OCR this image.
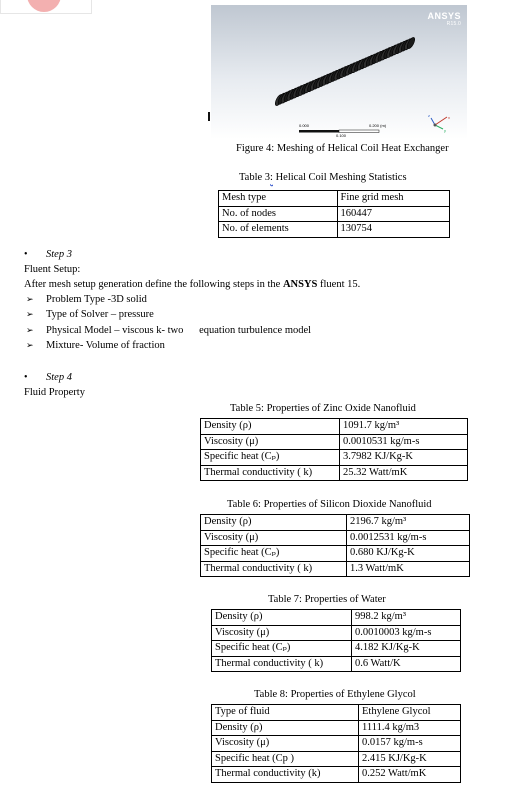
ANSYS
R15.0
0.000
0.100
0.200 (m)
x
y
z
Figure 4: Meshing of Helical Coil Heat Exchanger
Table 3: Helical Coil Meshing Statistics
Mesh type	Fine grid mesh
No. of nodes	160447
No. of elements	130754
• Step 3
Fluent Setup:
After mesh setup generation define the following steps in the ANSYS fluent 15.
➢ Problem Type -3D solid
➢ Type of Solver – pressure
➢ Physical Model – viscous k- two      equation turbulence model
➢ Mixture- Volume of fraction
• Step 4
Fluid Property
Table 5: Properties of Zinc Oxide Nanofluid
Density (ρ)	1091.7 kg/m³
Viscosity (μ)	0.0010531 kg/m-s
Specific heat (Cₚ)	3.7982 KJ/Kg-K
Thermal conductivity ( k)	25.32 Watt/mK
Table 6: Properties of Silicon Dioxide Nanofluid
Density (ρ)	2196.7 kg/m³
Viscosity (μ)	0.0012531 kg/m-s
Specific heat (Cₚ)	0.680 KJ/Kg-K
Thermal conductivity ( k)	1.3 Watt/mK
Table 7: Properties of Water
Density (ρ)	998.2 kg/m³
Viscosity (μ)	0.0010003 kg/m-s
Specific heat (Cₚ)	4.182 KJ/Kg-K
Thermal conductivity ( k)	0.6 Watt/K
Table 8: Properties of Ethylene Glycol
Type of fluid	Ethylene Glycol
Density (ρ)	1111.4 kg/m3
Viscosity (μ)	0.0157 kg/m-s
Specific heat (Cp )	2.415 KJ/Kg-K
Thermal conductivity (k)	0.252 Watt/mK
